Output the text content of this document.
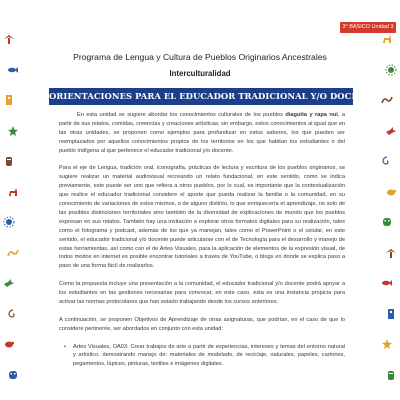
3° BÁSICO Unidad 3
Programa de Lengua y Cultura de Pueblos Originarios Ancestrales
Interculturalidad
ORIENTACIONES PARA EL EDUCADOR TRADICIONAL Y/O DOCENTE

En esta unidad se sugiere abordar los conocimientos culturales de los pueblos diaguita y rapa nui, a partir de sus relatos, comidas, creencias y creaciones artísticas; sin embargo, estos conocimientos al igual que en las otras unidades, se proponen como ejemplos para profundizar en estos saberes, los que pueden ser reemplazados por aquellos conocimientos propios de los territorios en los que habitan los estudiantes o del pueblo indígena al que pertenece el educador tradicional y/o docente.

Para el eje de Lengua, tradición oral, iconografía, prácticas de lectura y escritura de los pueblos originarios, se sugiere realizar un material audiovisual recreando un relato fundacional, en este sentido, como se indica previamente, este puede ser uno que refiera a otros pueblos, por lo cual, es importante que la contextualización que realice el educador tradicional considere el aporte que pueda realizar la familia o la comunidad, en su conocimiento de variaciones de estos mismos, o de alguno distinto, lo que enriquecería el aprendizaje, no solo de las posibles distinciones territoriales sino también de la diversidad de explicaciones de mundo que los pueblos expresan en sus relatos. También hay una invitación a explorar otros formatos digitales para su realización, tales como el fotograma y podcast, además de los que ya manejan, tales como el PowerPoint o el celular, en este sentido, el educador tradicional y/o docente puede articularse con el de Tecnología para el desarrollo y manejo de estas herramientas, así como con el de Artes Visuales, para la aplicación de elementos de la expresión visual, de todos modos en internet es posible encontrar tutoriales a través de YouTube, o blogs en donde se explica paso a paso de una forma fácil de realizarlos.

Como la propuesta incluye una presentación a la comunidad, el educador tradicional y/o docente podrá apoyar a los estudiantes en las gestiones necesarias para convocar, en este caso, esta es una instancia propicia para activar las normas protocolares que han estado trabajando desde los cursos anteriores.

A continuación, se proponen Objetivos de Aprendizaje de otras asignaturas, que podrían, en el caso de que lo considere pertinente, ser abordados en conjunto con esta unidad:

• Artes Visuales, OA03: Crear trabajos de arte a partir de experiencias, intereses y temas del entorno natural y artístico, demostrando manejo de: materiales de modelado, de reciclaje, naturales, papeles, cartones, pegamentos, lápices, pinturas, textiles e imágenes digitales.
